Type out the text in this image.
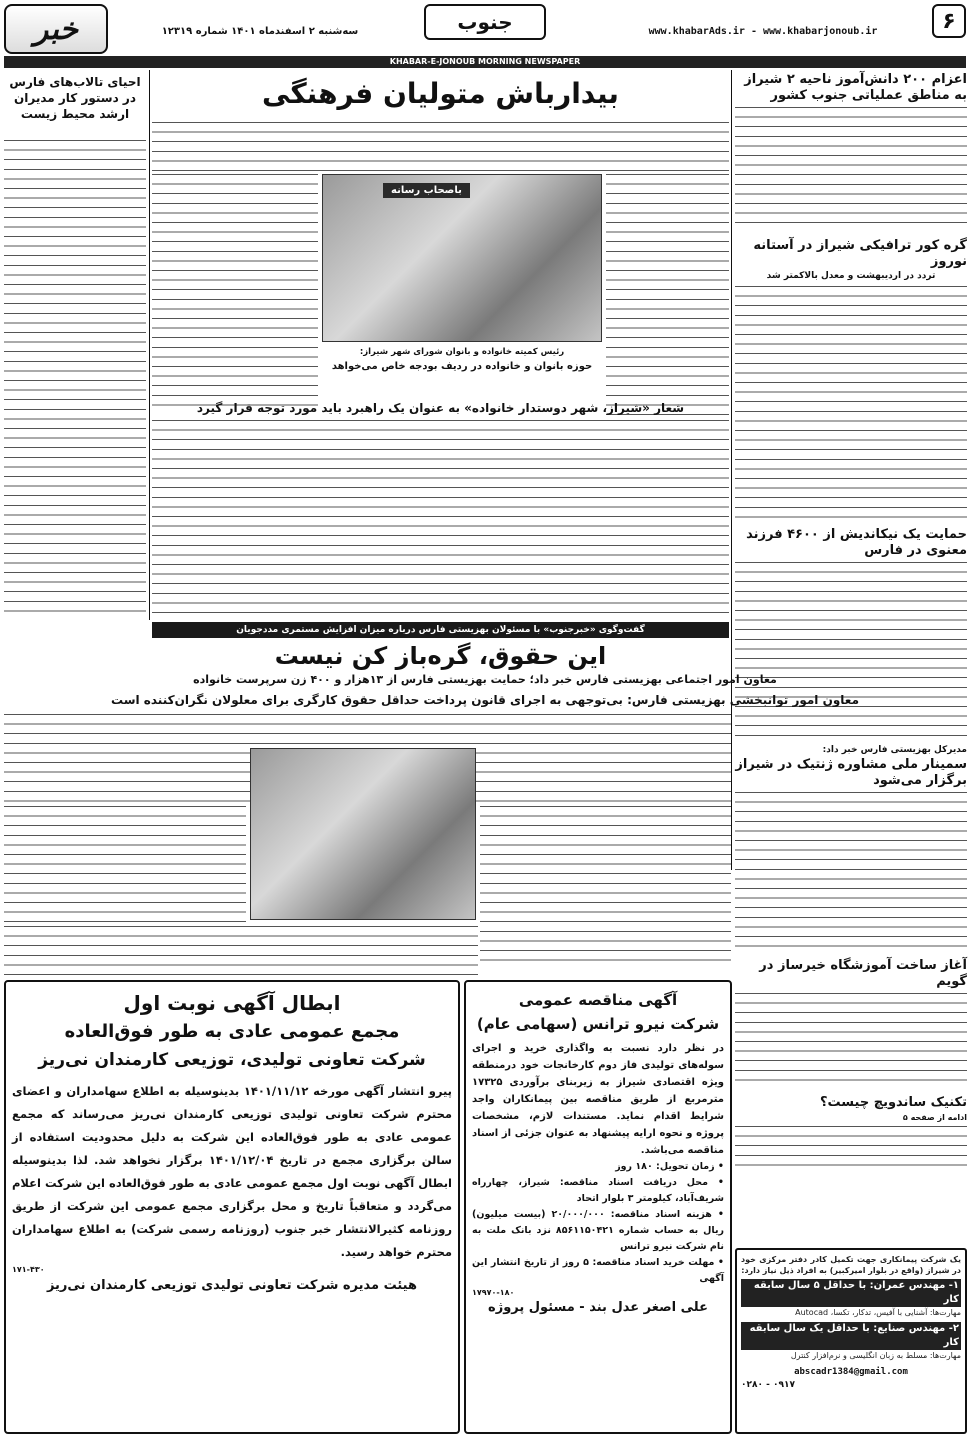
۶
www.khabarAds.ir - www.khabarjonoub.ir
جنوب
سه‌شنبه ۲ اسفندماه ۱۴۰۱ شماره ۱۲۳۱۹
خبر
KHABAR-E-JONOUB MORNING NEWSPAPER
اعزام ۲۰۰ دانش‌آموز ناحیه ۲ شیراز به مناطق عملیاتی جنوب کشور
گره کور ترافیکی شیراز در آستانه نوروز
تردد در اردیبهشت و معدل بالاکمتر شد
حمایت یک نیکاندیش از ۴۶۰۰ فرزند معنوی در فارس
مدیرکل بهزیستی فارس خبر داد:
سمینار ملی مشاوره ژنتیک در شیراز برگزار می‌شود
آغاز ساخت آموزشگاه خیرساز در گویم
تکنیک ساندویچ چیست؟
ادامه از صفحه ۵
یک شرکت پیمانکاری جهت تکمیل کادر دفتر مرکزی خود در شیراز (واقع در بلوار امیرکبیر) به افراد ذیل نیاز دارد:
۱- مهندس عمران: با حداقل ۵ سال سابقه کار
مهارت‌ها: آشنایی با آفیس، تدکار، تکسا، Autocad
۲- مهندس صنایع: با حداقل یک سال سابقه کار
مهارت‌ها: مسلط به زبان انگلیسی و نرم‌افزار کنترل
abscadr1384@gmail.com
۰۹۱۷ - ۰۲۸۰
بیدارباش متولیان فرهنگی
باصحاب رسانه
رئیس کمیته خانواده و بانوان شورای شهر شیراز:
حوزه بانوان و خانواده در ردیف بودجه خاص می‌خواهد
شعار «شیراز، شهر دوستدار خانواده» به عنوان یک راهبرد باید مورد توجه قرار گیرد
احیای تالاب‌های فارس در دستور کار مدیران ارشد محیط زیست
گفت‌وگوی «خبرجنوب» با مسئولان بهزیستی فارس درباره میزان افزایش مستمری مددجویان
این حقوق، گره‌باز کن نیست
معاون امور اجتماعی بهزیستی فارس خبر داد؛ حمایت بهزیستی فارس از ۱۳هزار و ۴۰۰ زن سرپرست خانواده
معاون امور توانبخشی بهزیستی فارس: بی‌توجهی به اجرای قانون پرداخت حداقل حقوق کارگری برای معلولان نگران‌کننده است
آگهی مناقصه عمومی
شرکت نیرو ترانس (سهامی عام)
در نظر دارد نسبت به واگذاری خرید و اجرای سوله‌های تولیدی فاز دوم کارخانجات خود درمنطقه ویژه اقتصادی شیراز به زیربنای برآوردی ۱۷۳۲۵ مترمربع از طریق مناقصه بین پیمانکاران واجد شرایط اقدام نماید. مستندات لازم، مشخصات پروژه و نحوه ارایه پیشنهاد به عنوان جزئی از اسناد مناقصه می‌باشد.
• زمان تحویل: ۱۸۰ روز
• محل دریافت اسناد مناقصه: شیراز، چهارراه شریف‌آباد، کیلومتر ۳ بلوار اتحاد
• هزینه اسناد مناقصه: ۲۰/۰۰۰/۰۰۰ (بیست میلیون) ریال به حساب شماره ۸۵۶۱۱۵۰۴۲۱ نزد بانک ملت به نام شرکت نیرو ترانس
• مهلت خرید اسناد مناقصه: ۵ روز از تاریخ انتشار این آگهی
۱۷۹۷۰-۱۸۰
علی اصغر عدل بند - مسئول پروژه
ابطال آگهی نوبت اول
مجمع عمومی عادی به طور فوق‌العاده
شرکت تعاونی تولیدی، توزیعی کارمندان نی‌ریز
پیرو انتشار آگهی مورخه ۱۴۰۱/۱۱/۱۲ بدینوسیله به اطلاع سهامداران و اعضای محترم شرکت تعاونی تولیدی توزیعی کارمندان نی‌ریز می‌رساند که مجمع عمومی عادی به طور فوق‌العاده این شرکت به دلیل محدودیت استفاده از سالن برگزاری مجمع در تاریخ ۱۴۰۱/۱۲/۰۴ برگزار نخواهد شد. لذا بدینوسیله ابطال آگهی نوبت اول مجمع عمومی عادی به طور فوق‌العاده این شرکت اعلام می‌گردد و متعاقباً تاریخ و محل برگزاری مجمع عمومی این شرکت از طریق روزنامه کثیرالانتشار خبر جنوب (روزنامه رسمی شرکت) به اطلاع سهامداران محترم خواهد رسید.
۱۷۱-۴۳۰
هیئت مدیره شرکت تعاونی تولیدی توزیعی کارمندان نی‌ریز
